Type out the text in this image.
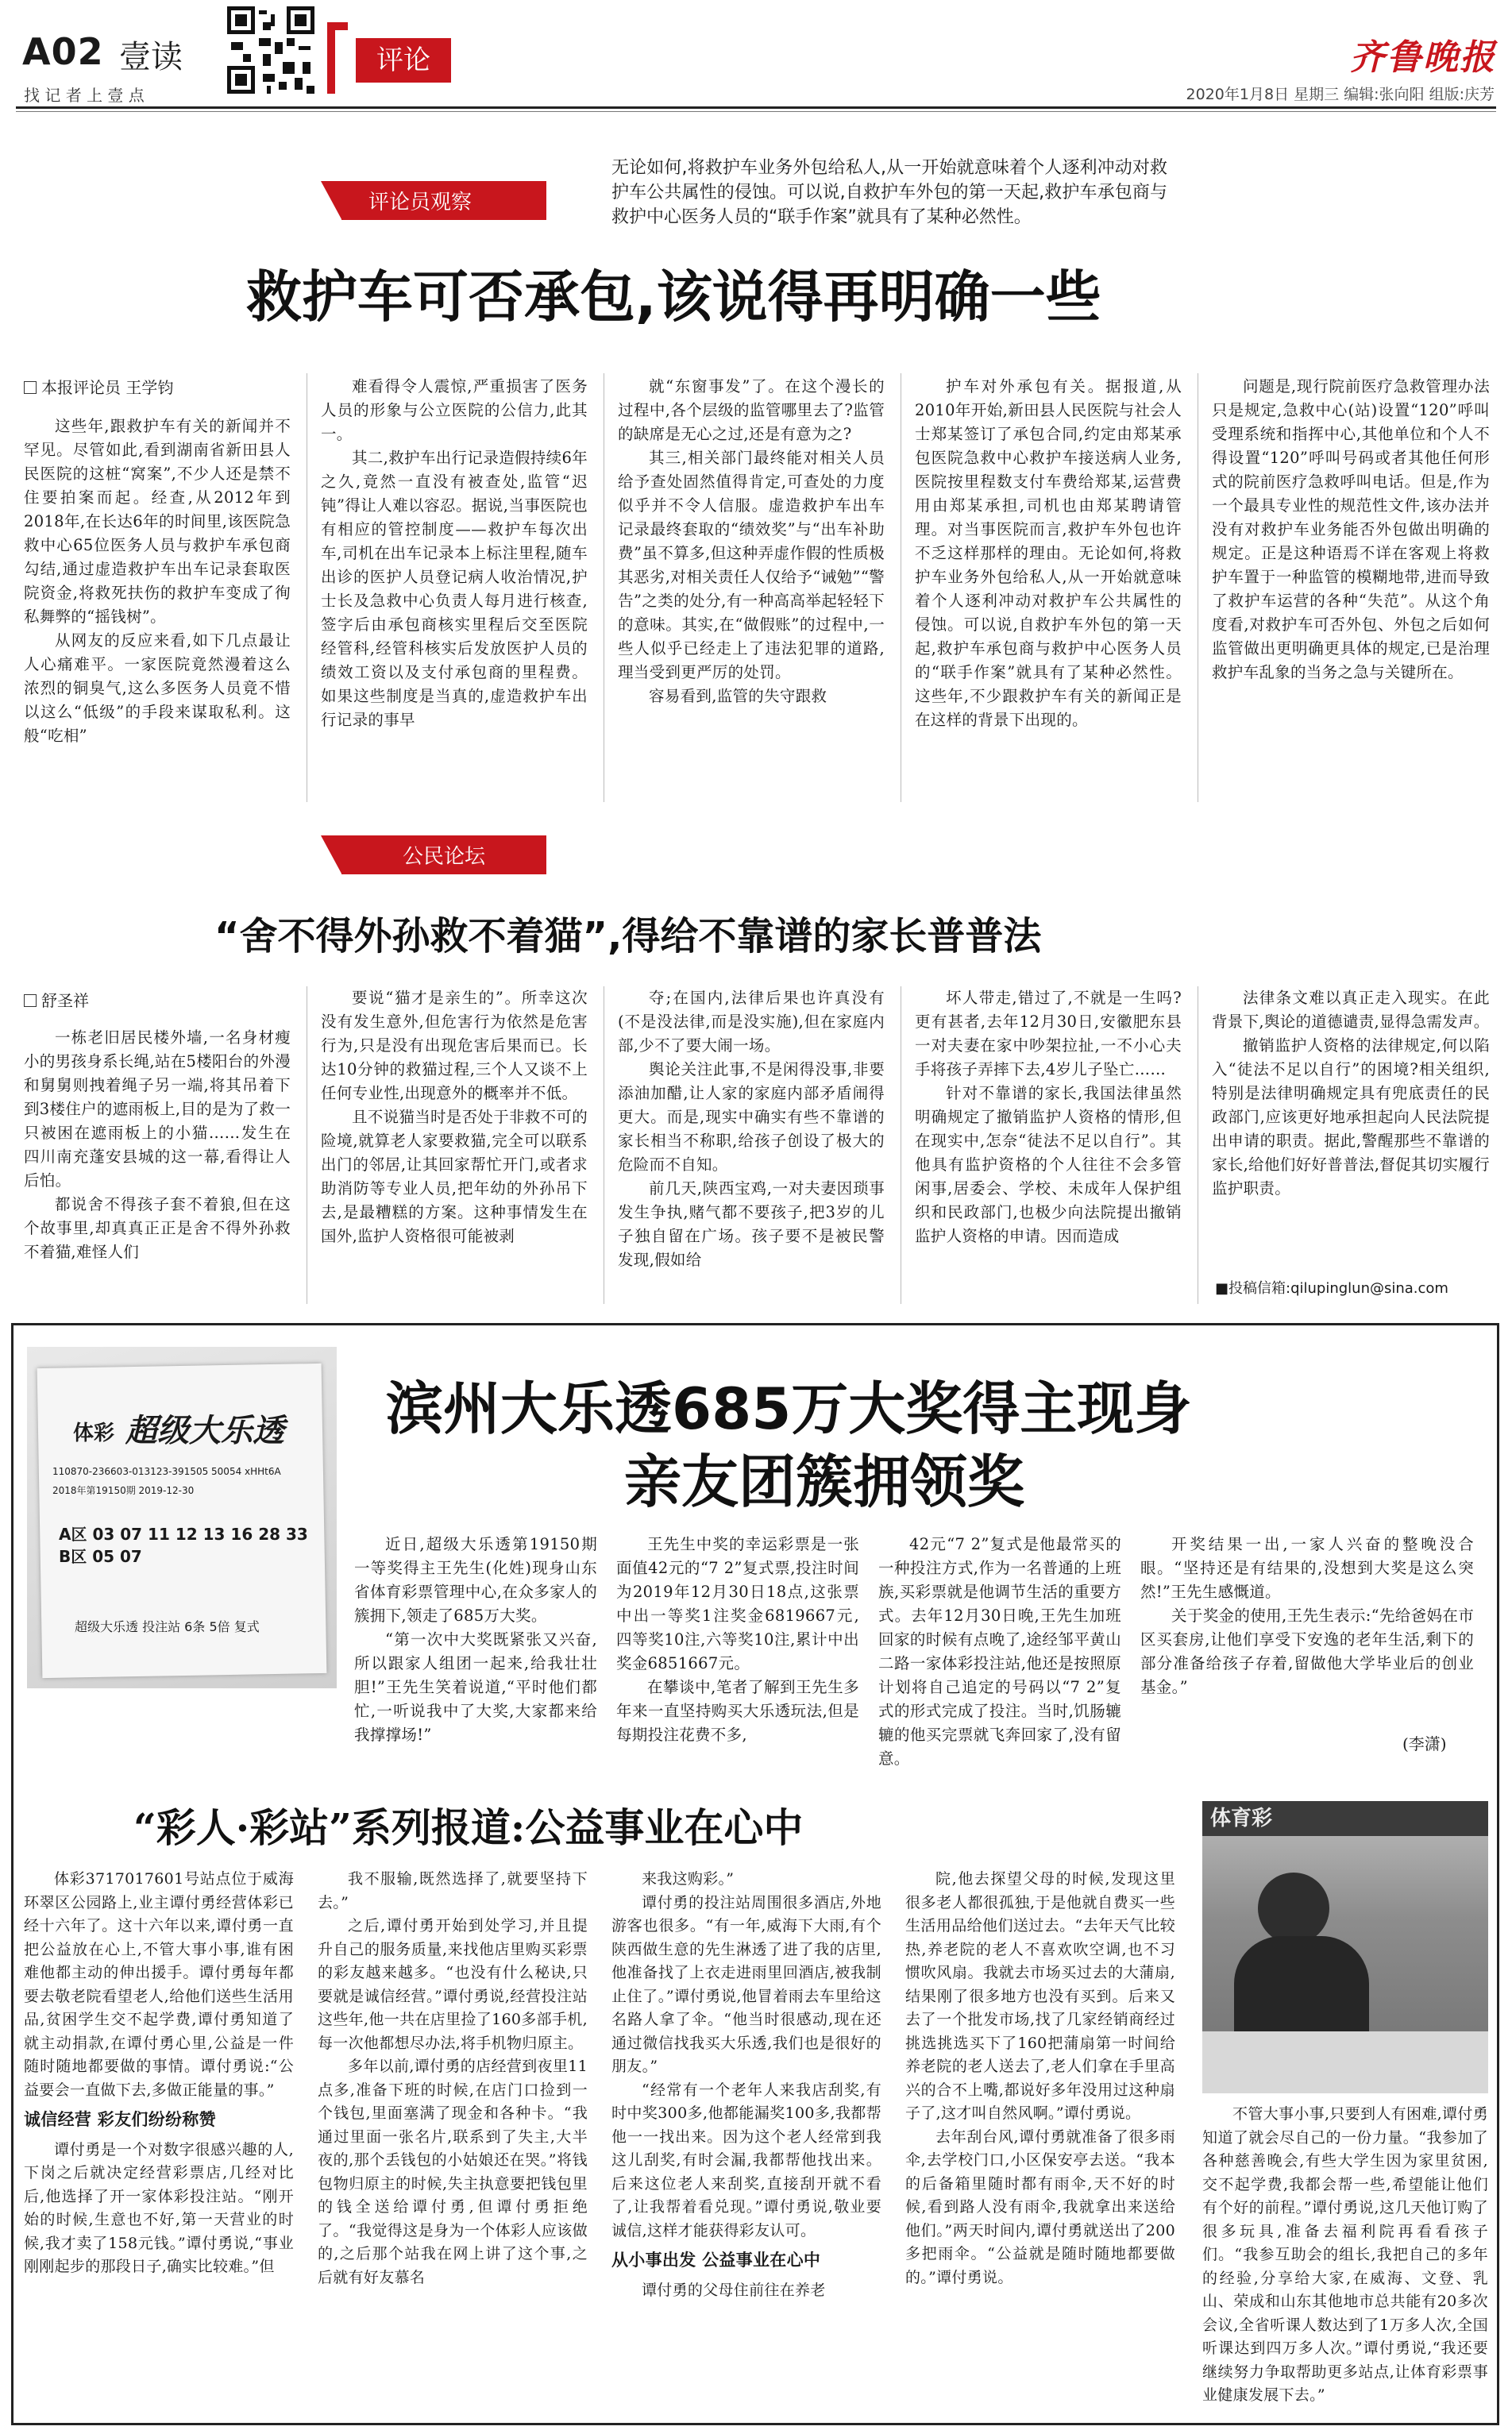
A02 壹读
找 记 者 上 壹 点
评论	齐鲁晚报
2020年1月8日 星期三 编辑:张向阳 组版:庆芳
评论员观察
无论如何,将救护车业务外包给私人,从一开始就意味着个人逐利冲动对救护车公共属性的侵蚀。可以说,自救护车外包的第一天起,救护车承包商与救护中心医务人员的“联手作案”就具有了某种必然性。
救护车可否承包,该说得再明确一些
本报评论员 王学钧

这些年,跟救护车有关的新闻并不罕见。尽管如此,看到湖南省新田县人民医院的这桩“窝案”,不少人还是禁不住要拍案而起。经查,从2012年到2018年,在长达6年的时间里,该医院急救中心65位医务人员与救护车承包商勾结,通过虚造救护车出车记录套取医院资金,将救死扶伤的救护车变成了徇私舞弊的“摇钱树”。

从网友的反应来看,如下几点最让人心痛难平。一家医院竟然漫着这么浓烈的铜臭气,这么多医务人员竟不惜以这么“低级”的手段来谋取私利。这般“吃相”

难看得令人震惊,严重损害了医务人员的形象与公立医院的公信力,此其一。

其二,救护车出行记录造假持续6年之久,竟然一直没有被查处,监管“迟钝”得让人难以容忍。据说,当事医院也有相应的管控制度——救护车每次出车,司机在出车记录本上标注里程,随车出诊的医护人员登记病人收治情况,护士长及急救中心负责人每月进行核查,签字后由承包商核实里程后交至医院经管科,经管科核实后发放医护人员的绩效工资以及支付承包商的里程费。如果这些制度是当真的,虚造救护车出行记录的事早

就“东窗事发”了。在这个漫长的过程中,各个层级的监管哪里去了?监管的缺席是无心之过,还是有意为之?

其三,相关部门最终能对相关人员给予查处固然值得肯定,可查处的力度似乎并不令人信服。虚造救护车出车记录最终套取的“绩效奖”与“出车补助费”虽不算多,但这种弄虚作假的性质极其恶劣,对相关责任人仅给予“诫勉”“警告”之类的处分,有一种高高举起轻轻下的意味。其实,在“做假账”的过程中,一些人似乎已经走上了违法犯罪的道路,理当受到更严厉的处罚。

容易看到,监管的失守跟救

护车对外承包有关。据报道,从2010年开始,新田县人民医院与社会人士郑某签订了承包合同,约定由郑某承包医院急救中心救护车接送病人业务,医院按里程数支付车费给郑某,运营费用由郑某承担,司机也由郑某聘请管理。对当事医院而言,救护车外包也许不乏这样那样的理由。无论如何,将救护车业务外包给私人,从一开始就意味着个人逐利冲动对救护车公共属性的侵蚀。可以说,自救护车外包的第一天起,救护车承包商与救护中心医务人员的“联手作案”就具有了某种必然性。这些年,不少跟救护车有关的新闻正是在这样的背景下出现的。

问题是,现行院前医疗急救管理办法只是规定,急救中心(站)设置“120”呼叫受理系统和指挥中心,其他单位和个人不得设置“120”呼叫号码或者其他任何形式的院前医疗急救呼叫电话。但是,作为一个最具专业性的规范性文件,该办法并没有对救护车业务能否外包做出明确的规定。正是这种语焉不详在客观上将救护车置于一种监管的模糊地带,进而导致了救护车运营的各种“失范”。从这个角度看,对救护车可否外包、外包之后如何监管做出更明确更具体的规定,已是治理救护车乱象的当务之急与关键所在。

公民论坛
“舍不得外孙救不着猫”,得给不靠谱的家长普普法
舒圣祥

一栋老旧居民楼外墙,一名身材瘦小的男孩身系长绳,站在5楼阳台的外漫和舅舅则拽着绳子另一端,将其吊着下到3楼住户的遮雨板上,目的是为了救一只被困在遮雨板上的小猫……发生在四川南充蓬安县城的这一幕,看得让人后怕。

都说舍不得孩子套不着狼,但在这个故事里,却真真正正是舍不得外孙救不着猫,难怪人们

要说“猫才是亲生的”。所幸这次没有发生意外,但危害行为依然是危害行为,只是没有出现危害后果而已。长达10分钟的救猫过程,三个人又谈不上任何专业性,出现意外的概率并不低。

且不说猫当时是否处于非救不可的险境,就算老人家要救猫,完全可以联系出门的邻居,让其回家帮忙开门,或者求助消防等专业人员,把年幼的外孙吊下去,是最糟糕的方案。这种事情发生在国外,监护人资格很可能被剥

夺;在国内,法律后果也许真没有(不是没法律,而是没实施),但在家庭内部,少不了要大闹一场。

舆论关注此事,不是闲得没事,非要添油加醋,让人家的家庭内部矛盾闹得更大。而是,现实中确实有些不靠谱的家长相当不称职,给孩子创设了极大的危险而不自知。

前几天,陕西宝鸡,一对夫妻因琐事发生争执,赌气都不要孩子,把3岁的儿子独自留在广场。孩子要不是被民警发现,假如给

坏人带走,错过了,不就是一生吗?更有甚者,去年12月30日,安徽肥东县一对夫妻在家中吵架拉扯,一不小心夫手将孩子弄摔下去,4岁儿子坠亡……

针对不靠谱的家长,我国法律虽然明确规定了撤销监护人资格的情形,但在现实中,怎奈“徒法不足以自行”。其他具有监护资格的个人往往不会多管闲事,居委会、学校、未成年人保护组织和民政部门,也极少向法院提出撤销监护人资格的申请。因而造成

法律条文难以真正走入现实。在此背景下,舆论的道德谴责,显得急需发声。

撤销监护人资格的法律规定,何以陷入“徒法不足以自行”的困境?相关组织,特别是法律明确规定具有兜底责任的民政部门,应该更好地承担起向人民法院提出申请的职责。据此,警醒那些不靠谱的家长,给他们好好普普法,督促其切实履行监护职责。

■投稿信箱:qilupinglun@sina.com
体彩 超级大乐透
110870-236603-013123-391505 50054 xHHt6A
2018年第19150期 2019-12-30
A区 03 07 11 12 13 16 28 33
B区 05 07
超级大乐透 投注站 6条 5倍 复式
滨州大乐透685万大奖得主现身
亲友团簇拥领奖

近日,超级大乐透第19150期一等奖得主王先生(化姓)现身山东省体育彩票管理中心,在众多家人的簇拥下,领走了685万大奖。

“第一次中大奖既紧张又兴奋,所以跟家人组团一起来,给我壮壮胆!”王先生笑着说道,“平时他们都忙,一听说我中了大奖,大家都来给我撑撑场!”

王先生中奖的幸运彩票是一张面值42元的“7 2”复式票,投注时间为2019年12月30日18点,这张票中出一等奖1注奖金6819667元,四等奖10注,六等奖10注,累计中出奖金6851667元。

在攀谈中,笔者了解到王先生多年来一直坚持购买大乐透玩法,但是每期投注花费不多,

42元“7 2”复式是他最常买的一种投注方式,作为一名普通的上班族,买彩票就是他调节生活的重要方式。去年12月30日晚,王先生加班回家的时候有点晚了,途经邹平黄山二路一家体彩投注站,他还是按照原计划将自己追定的号码以“7 2”复式的形式完成了投注。当时,饥肠辘辘的他买完票就飞奔回家了,没有留意。

开奖结果一出,一家人兴奋的整晚没合眼。“坚持还是有结果的,没想到大奖是这么突然!”王先生感慨道。

关于奖金的使用,王先生表示:“先给爸妈在市区买套房,让他们享受下安逸的老年生活,剩下的部分准备给孩子存着,留做他大学毕业后的创业基金。”

(李潇)
“彩人·彩站”系列报道:公益事业在心中	体育彩

体彩3717017601号站点位于威海环翠区公园路上,业主谭付勇经营体彩已经十六年了。这十六年以来,谭付勇一直把公益放在心上,不管大事小事,谁有困难他都主动的伸出援手。谭付勇每年都要去敬老院看望老人,给他们送些生活用品,贫困学生交不起学费,谭付勇知道了就主动捐款,在谭付勇心里,公益是一件随时随地都要做的事情。谭付勇说:“公益要会一直做下去,多做正能量的事。”

诚信经营 彩友们纷纷称赞

谭付勇是一个对数字很感兴趣的人,下岗之后就决定经营彩票店,几经对比后,他选择了开一家体彩投注站。“刚开始的时候,生意也不好,第一天营业的时候,我才卖了158元钱。”谭付勇说,“事业刚刚起步的那段日子,确实比较难。”但

我不服输,既然选择了,就要坚持下去。”

之后,谭付勇开始到处学习,并且提升自己的服务质量,来找他店里购买彩票的彩友越来越多。“也没有什么秘诀,只要就是诚信经营。”谭付勇说,经营投注站这些年,他一共在店里捡了160多部手机,每一次他都想尽办法,将手机物归原主。

多年以前,谭付勇的店经营到夜里11点多,准备下班的时候,在店门口捡到一个钱包,里面塞满了现金和各种卡。“我通过里面一张名片,联系到了失主,大半夜的,那个丢钱包的小姑娘还在哭。”将钱包物归原主的时候,失主执意要把钱包里的钱全送给谭付勇,但谭付勇拒绝了。“我觉得这是身为一个体彩人应该做的,之后那个站我在网上讲了这个事,之后就有好友慕名

来我这购彩。”

谭付勇的投注站周围很多酒店,外地游客也很多。“有一年,威海下大雨,有个陕西做生意的先生淋透了进了我的店里,他准备找了上衣走进雨里回酒店,被我制止住了。”谭付勇说,他冒着雨去车里给这名路人拿了伞。“他当时很感动,现在还通过微信找我买大乐透,我们也是很好的朋友。”

“经常有一个老年人来我店刮奖,有时中奖300多,他都能漏奖100多,我都帮他一一找出来。因为这个老人经常到我这儿刮奖,有时会漏,我都帮他找出来。后来这位老人来刮奖,直接刮开就不看了,让我帮着看兑现。”谭付勇说,敬业要诚信,这样才能获得彩友认可。

从小事出发 公益事业在心中

谭付勇的父母住前往在养老

院,他去探望父母的时候,发现这里很多老人都很孤独,于是他就自费买一些生活用品给他们送过去。“去年天气比较热,养老院的老人不喜欢吹空调,也不习惯吹风扇。我就去市场买过去的大蒲扇,结果刚了很多地方也没有买到。后来又去了一个批发市场,找了几家经销商经过挑选挑选买下了160把蒲扇第一时间给养老院的老人送去了,老人们拿在手里高兴的合不上嘴,都说好多年没用过这种扇子了,这才叫自然风啊。”谭付勇说。

去年刮台风,谭付勇就准备了很多雨伞,去学校门口,小区保安亭去送。“我本的后备箱里随时都有雨伞,天不好的时候,看到路人没有雨伞,我就拿出来送给他们。”两天时间内,谭付勇就送出了200多把雨伞。“公益就是随时随地都要做的。”谭付勇说。

不管大事小事,只要到人有困难,谭付勇知道了就会尽自己的一份力量。“我参加了各种慈善晚会,有些大学生因为家里贫困,交不起学费,我都会帮一些,希望能让他们有个好的前程。”谭付勇说,这几天他订购了很多玩具,准备去福利院再看看孩子们。“我参互助会的组长,我把自己的多年的经验,分享给大家,在威海、文登、乳山、荣成和山东其他地市总共能有20多次会议,全省听课人数达到了1万多人次,全国听课达到四万多人次。”谭付勇说,“我还要继续努力争取帮助更多站点,让体育彩票事业健康发展下去。”
